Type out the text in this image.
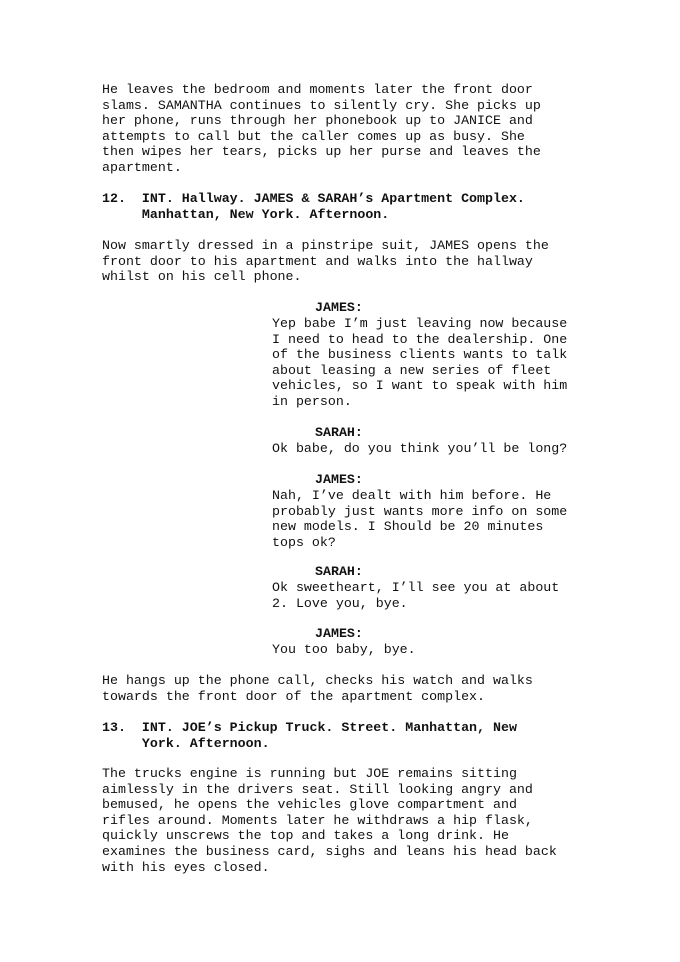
He leaves the bedroom and moments later the front door
slams. SAMANTHA continues to silently cry. She picks up
her phone, runs through her phonebook up to JANICE and
attempts to call but the caller comes up as busy. She
then wipes her tears, picks up her purse and leaves the
apartment.
12.  INT. Hallway. JAMES & SARAH’s Apartment Complex.
Manhattan, New York. Afternoon.
Now smartly dressed in a pinstripe suit, JAMES opens the
front door to his apartment and walks into the hallway
whilst on his cell phone.
JAMES:
Yep babe I’m just leaving now because
I need to head to the dealership. One
of the business clients wants to talk
about leasing a new series of fleet
vehicles, so I want to speak with him
in person.
SARAH:
Ok babe, do you think you’ll be long?
JAMES:
Nah, I’ve dealt with him before. He
probably just wants more info on some
new models. I Should be 20 minutes
tops ok?
SARAH:
Ok sweetheart, I’ll see you at about
2. Love you, bye.
JAMES:
You too baby, bye.
He hangs up the phone call, checks his watch and walks
towards the front door of the apartment complex.
13.  INT. JOE’s Pickup Truck. Street. Manhattan, New
York. Afternoon.
The trucks engine is running but JOE remains sitting
aimlessly in the drivers seat. Still looking angry and
bemused, he opens the vehicles glove compartment and
rifles around. Moments later he withdraws a hip flask,
quickly unscrews the top and takes a long drink. He
examines the business card, sighs and leans his head back
with his eyes closed.
